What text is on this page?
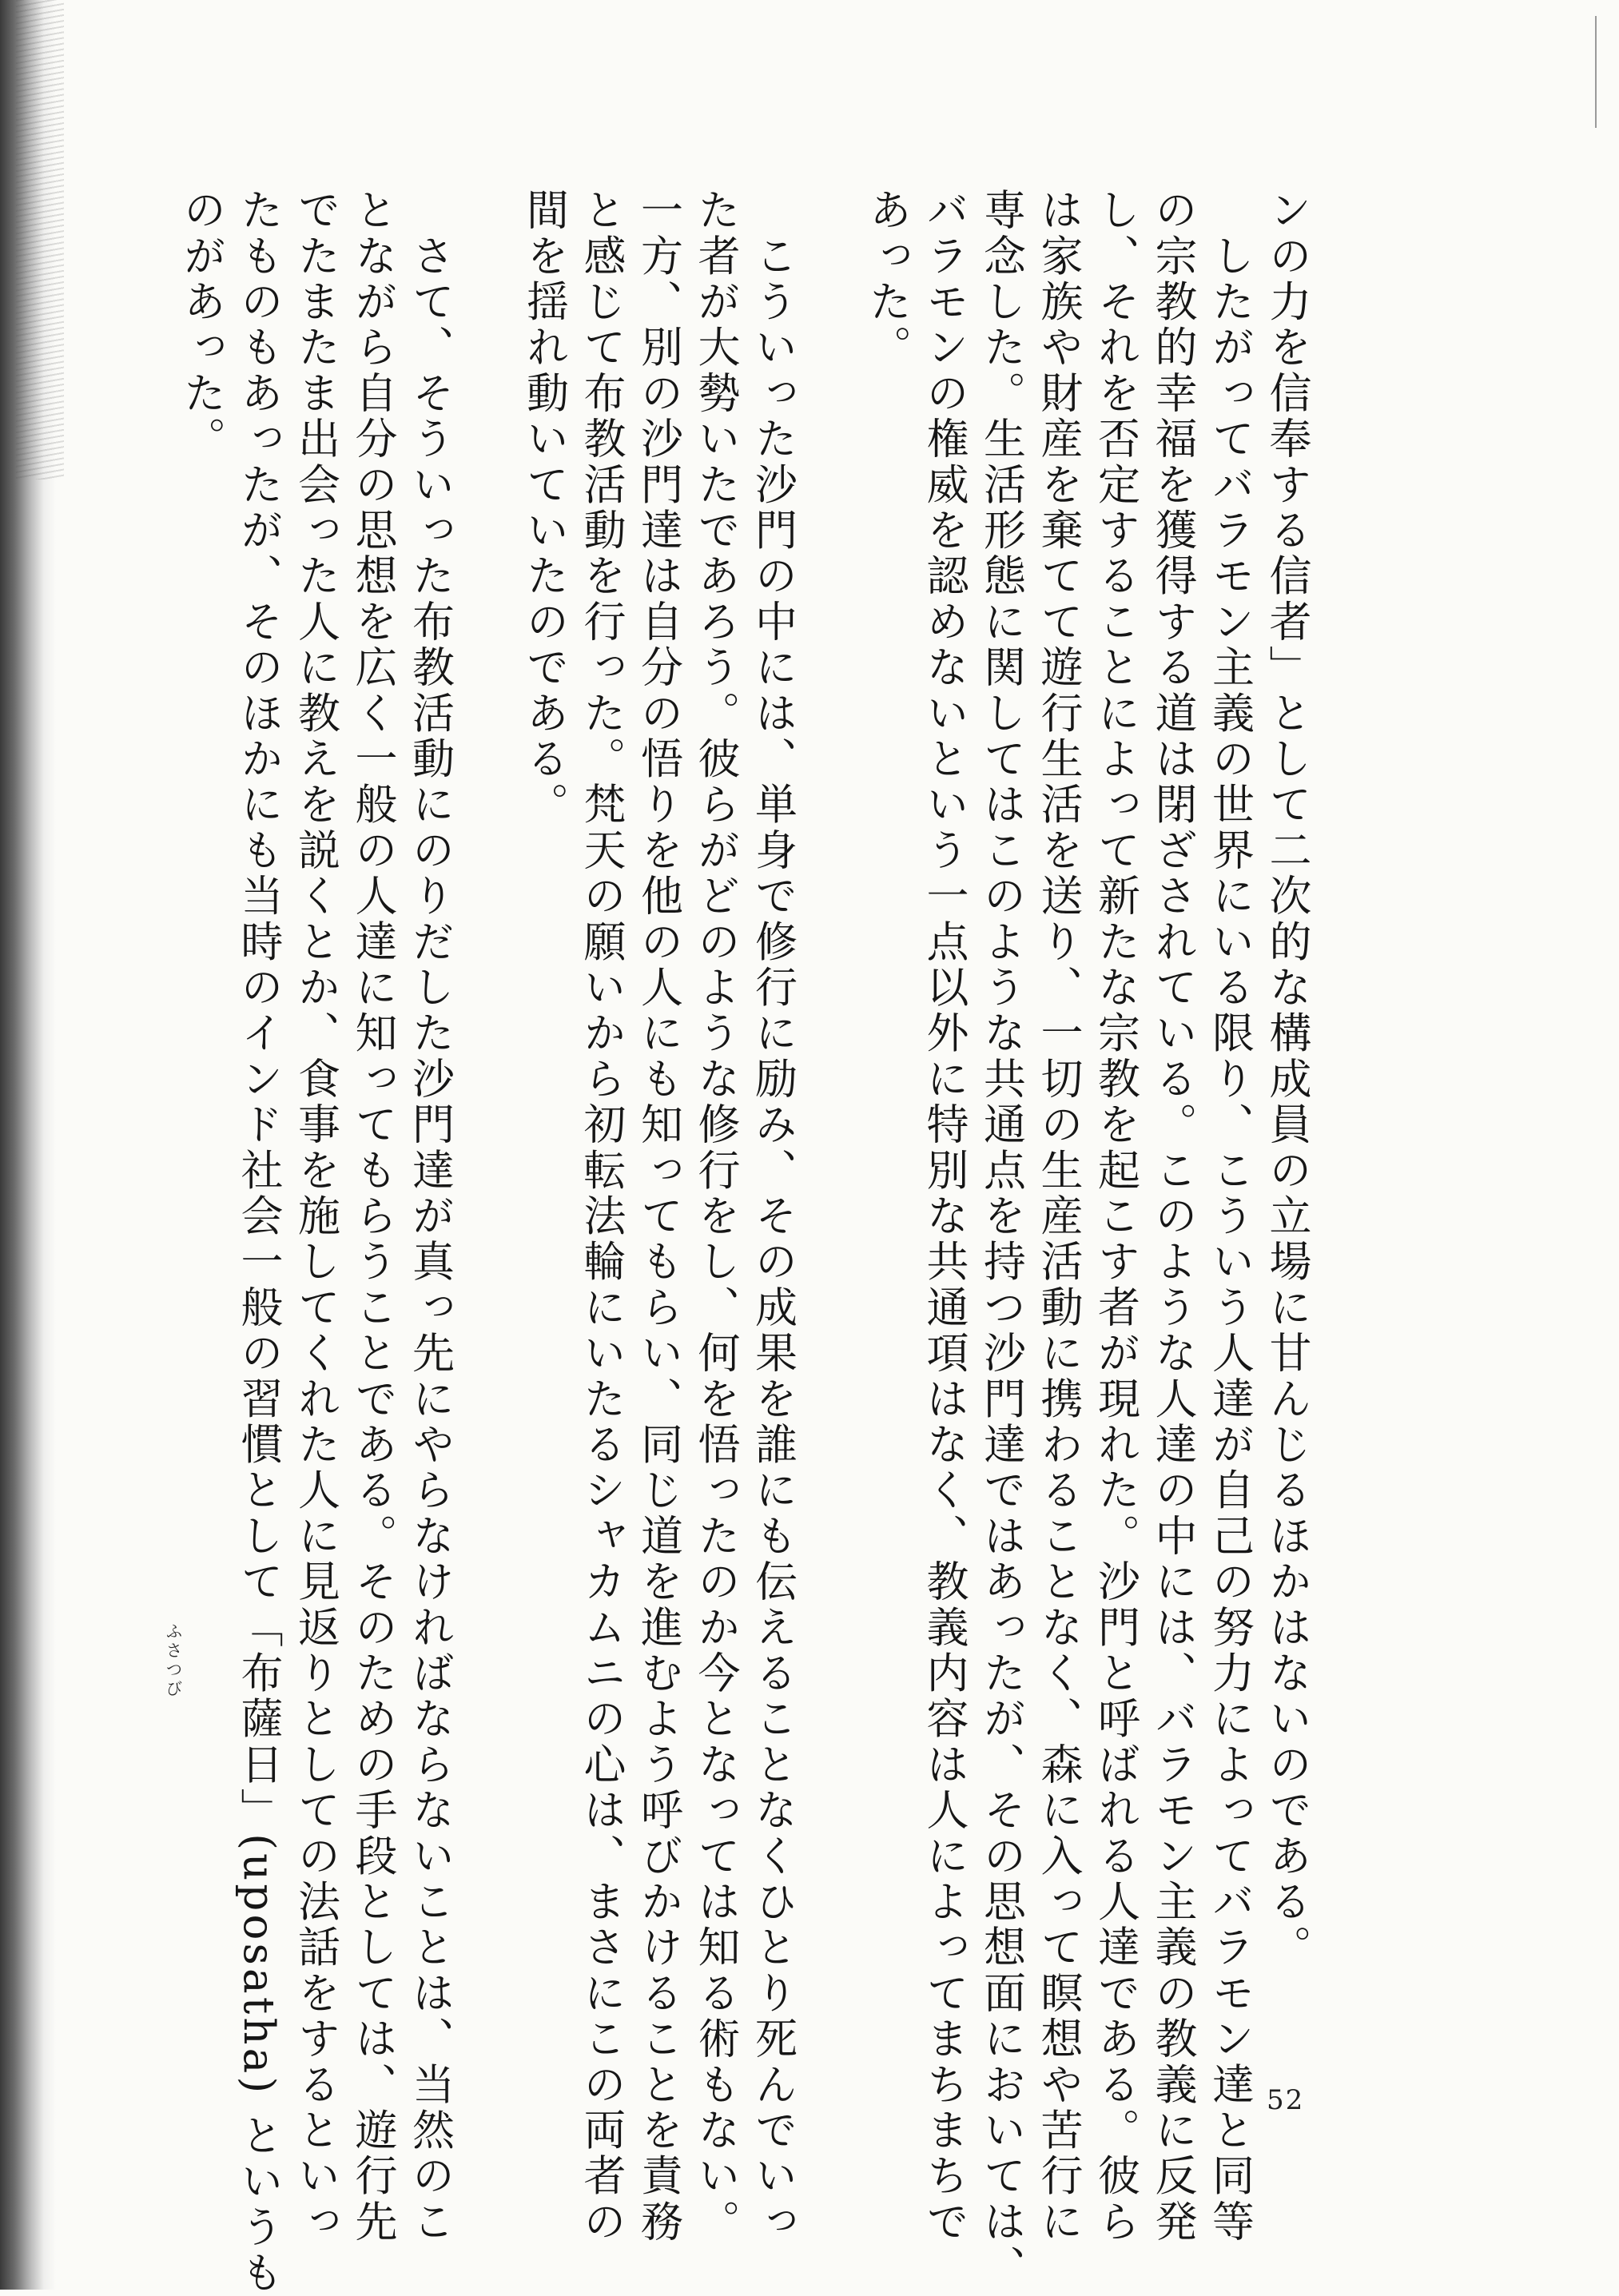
ンの力を信奉する信者」として二次的な構成員の立場に甘んじるほかはないのである。
　したがってバラモン主義の世界にいる限り、こういう人達が自己の努力によってバラモン達と同等
の宗教的幸福を獲得する道は閉ざされている。このような人達の中には、バラモン主義の教義に反発
し、それを否定することによって新たな宗教を起こす者が現れた。沙門と呼ばれる人達である。彼ら
は家族や財産を棄てて遊行生活を送り、一切の生産活動に携わることなく、森に入って瞑想や苦行に
専念した。生活形態に関してはこのような共通点を持つ沙門達ではあったが、その思想面においては、
バラモンの権威を認めないという一点以外に特別な共通項はなく、教義内容は人によってまちまちで
あった。
　こういった沙門の中には、単身で修行に励み、その成果を誰にも伝えることなくひとり死んでいっ
た者が大勢いたであろう。彼らがどのような修行をし、何を悟ったのか今となっては知る術もない。
一方、別の沙門達は自分の悟りを他の人にも知ってもらい、同じ道を進むよう呼びかけることを責務
と感じて布教活動を行った。梵天の願いから初転法輪にいたるシャカムニの心は、まさにこの両者の
間を揺れ動いていたのである。
　さて、そういった布教活動にのりだした沙門達が真っ先にやらなければならないことは、当然のこ
とながら自分の思想を広く一般の人達に知ってもらうことである。そのための手段としては、遊行先
でたまたま出会った人に教えを説くとか、食事を施してくれた人に見返りとしての法話をするといっ
たものもあったが、そのほかにも当時のインド社会一般の習慣として「布薩日」(uposatha) というも
のがあった。
ふさつび
52
